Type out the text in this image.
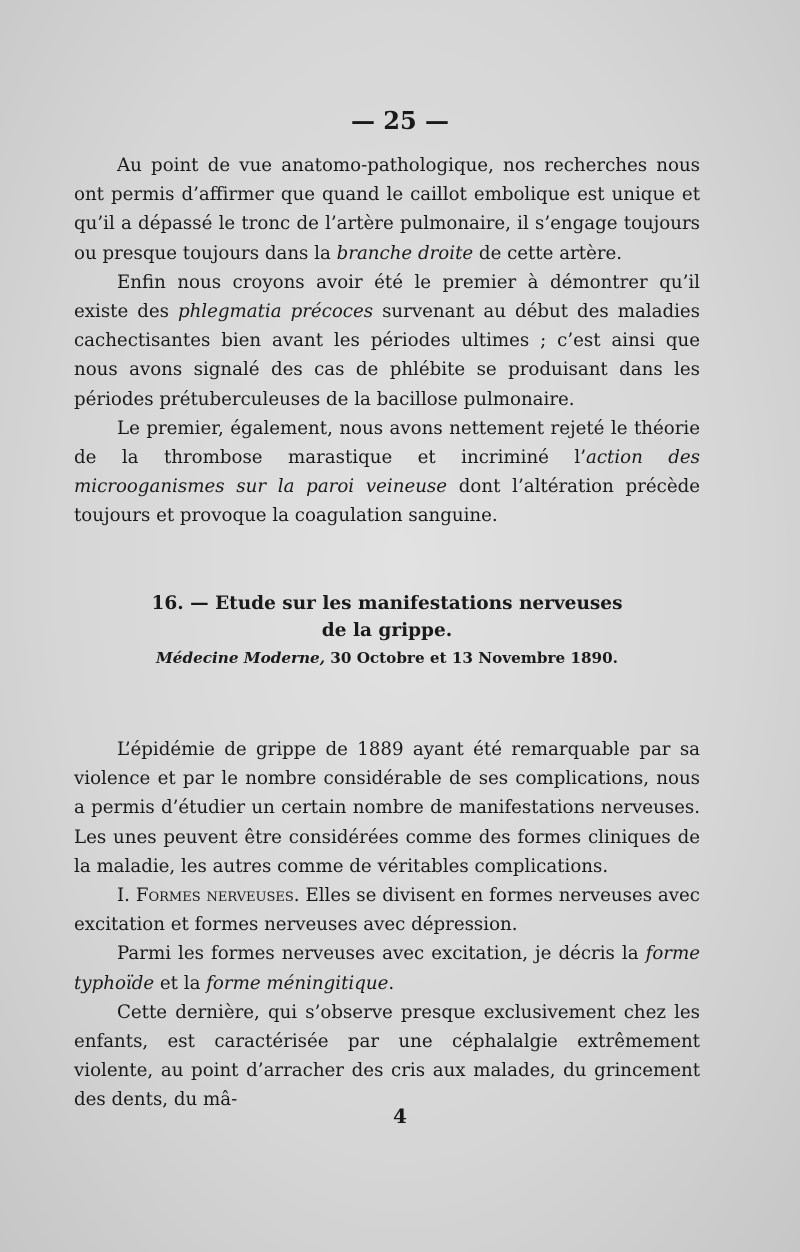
— 25 —

Au point de vue anatomo-pathologique, nos recherches nous ont permis d’affirmer que quand le caillot embolique est unique et qu’il a dépassé le tronc de l’artère pulmonaire, il s’engage toujours ou presque toujours dans la branche droite de cette artère.

Enfin nous croyons avoir été le premier à démontrer qu’il existe des phlegmatia précoces survenant au début des maladies cachectisantes bien avant les périodes ultimes ; c’est ainsi que nous avons signalé des cas de phlébite se produisant dans les périodes prétuberculeuses de la bacillose pulmonaire.

Le premier, également, nous avons nettement rejeté le théorie de la thrombose marastique et incriminé l’action des microoganismes sur la paroi veineuse dont l’altération précède toujours et provoque la coagulation sanguine.

16. — Etude sur les manifestations nerveuses
de la grippe.
Médecine Moderne, 30 Octobre et 13 Novembre 1890.

L’épidémie de grippe de 1889 ayant été remarquable par sa violence et par le nombre considérable de ses complications, nous a permis d’étudier un certain nombre de manifestations nerveuses. Les unes peuvent être considérées comme des formes cliniques de la maladie, les autres comme de véritables complications.

I. Formes nerveuses. Elles se divisent en formes nerveuses avec excitation et formes nerveuses avec dépression.

Parmi les formes nerveuses avec excitation, je décris la forme typhoïde et la forme méningitique.

Cette dernière, qui s’observe presque exclusivement chez les enfants, est caractérisée par une céphalalgie extrêmement violente, au point d’arracher des cris aux malades, du grincement des dents, du mâ-

4
